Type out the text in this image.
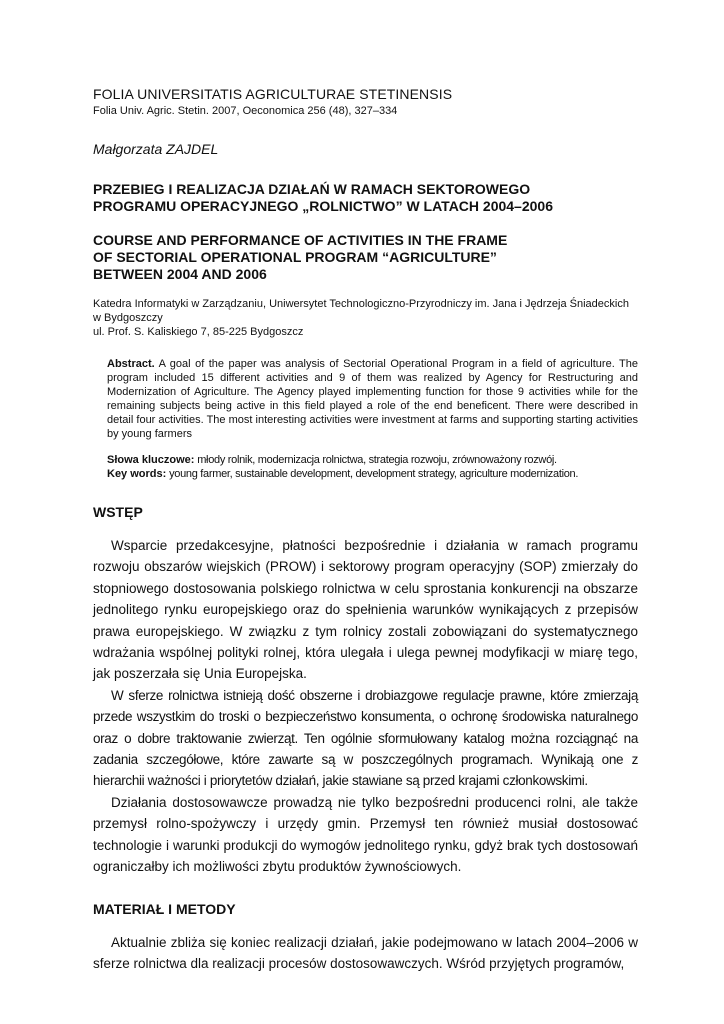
FOLIA UNIVERSITATIS AGRICULTURAE STETINENSIS

Folia Univ. Agric. Stetin. 2007, Oeconomica 256 (48), 327–334

Małgorzata ZAJDEL

PRZEBIEG I REALIZACJA DZIAŁAŃ W RAMACH SEKTOROWEGO
PROGRAMU OPERACYJNEGO „ROLNICTWO” W LATACH 2004–2006
COURSE AND PERFORMANCE OF ACTIVITIES IN THE FRAME
OF SECTORIAL OPERATIONAL PROGRAM “AGRICULTURE”
BETWEEN 2004 AND 2006
Katedra Informatyki w Zarządzaniu, Uniwersytet Technologiczno-Przyrodniczy im. Jana i Jędrzeja Śniadeckich w Bydgoszczy
ul. Prof. S. Kaliskiego 7, 85-225 Bydgoszcz

Abstract. A goal of the paper was analysis of Sectorial Operational Program in a field of agriculture. The program included 15 different activities and 9 of them was realized by Agency for Restructuring and Modernization of Agriculture. The Agency played implementing function for those 9 activities while for the remaining subjects being active in this field played a role of the end beneficent. There were described in detail four activities. The most interesting activities were investment at farms and supporting starting activities by young farmers

Słowa kluczowe: młody rolnik, modernizacja rolnictwa, strategia rozwoju, zrównoważony rozwój.
Key words: young farmer, sustainable development, development strategy, agriculture modernization.
WSTĘP

Wsparcie przedakcesyjne, płatności bezpośrednie i działania w ramach programu rozwoju obszarów wiejskich (PROW) i sektorowy program operacyjny (SOP) zmierzały do stopniowego dostosowania polskiego rolnictwa w celu sprostania konkurencji na obszarze jednolitego rynku europejskiego oraz do spełnienia warunków wynikających z przepisów prawa europejskiego. W związku z tym rolnicy zostali zobowiązani do systematycznego wdrażania wspólnej polityki rolnej, która ulegała i ulega pewnej modyfikacji w miarę tego, jak poszerzała się Unia Europejska.

W sferze rolnictwa istnieją dość obszerne i drobiazgowe regulacje prawne, które zmierzają przede wszystkim do troski o bezpieczeństwo konsumenta, o ochronę środowiska naturalnego oraz o dobre traktowanie zwierząt. Ten ogólnie sformułowany katalog można rozciągnąć na zadania szczegółowe, które zawarte są w poszczególnych programach. Wynikają one z hierarchii ważności i priorytetów działań, jakie stawiane są przed krajami członkowskimi.

Działania dostosowawcze prowadzą nie tylko bezpośredni producenci rolni, ale także przemysł rolno-spożywczy i urzędy gmin. Przemysł ten również musiał dostosować technologie i warunki produkcji do wymogów jednolitego rynku, gdyż brak tych dostosowań ograniczałby ich możliwości zbytu produktów żywnościowych.

MATERIAŁ I METODY

Aktualnie zbliża się koniec realizacji działań, jakie podejmowano w latach 2004–2006 w sferze rolnictwa dla realizacji procesów dostosowawczych. Wśród przyjętych programów,
